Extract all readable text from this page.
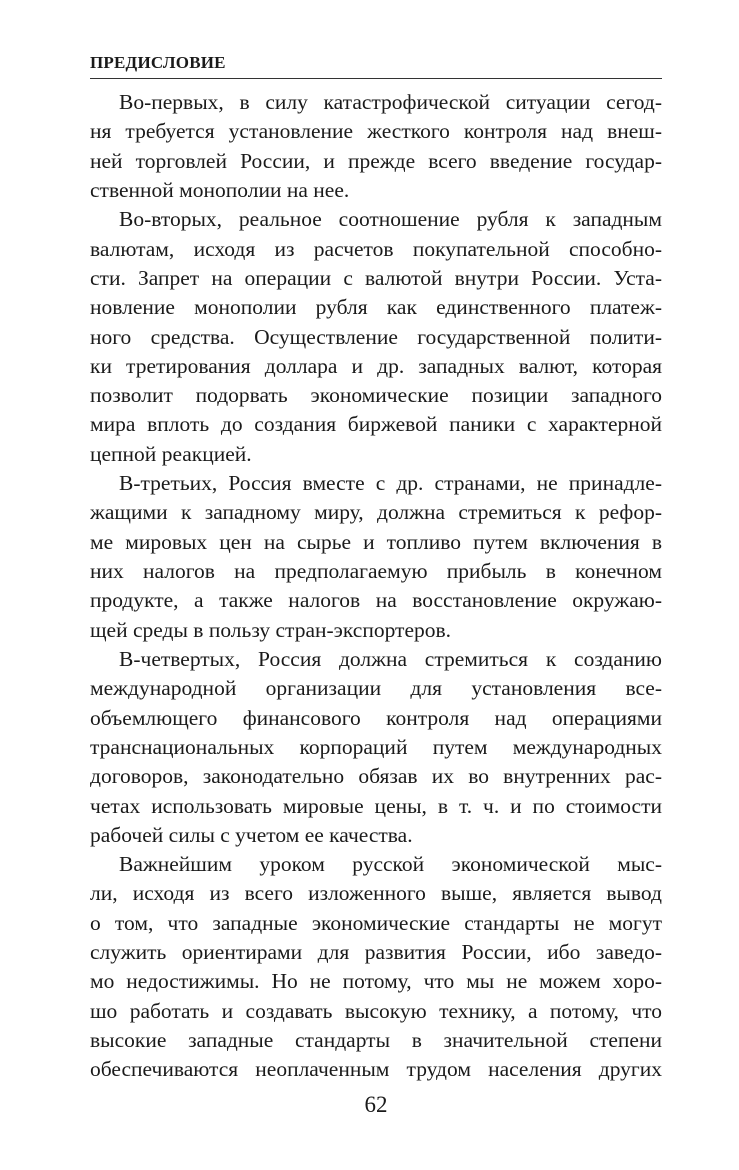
ПРЕДИСЛОВИЕ
Во-первых, в силу катастрофической ситуации сегод-
ня требуется установление жесткого контроля над внеш-
ней торговлей России, и прежде всего введение государ-
ственной монополии на нее.
Во-вторых, реальное соотношение рубля к западным
валютам, исходя из расчетов покупательной способно-
сти. Запрет на операции с валютой внутри России. Уста-
новление монополии рубля как единственного платеж-
ного средства. Осуществление государственной полити-
ки третирования доллара и др. западных валют, которая
позволит подорвать экономические позиции западного
мира вплоть до создания биржевой паники с характерной
цепной реакцией.
В-третьих, Россия вместе с др. странами, не принадле-
жащими к западному миру, должна стремиться к рефор-
ме мировых цен на сырье и топливо путем включения в
них налогов на предполагаемую прибыль в конечном
продукте, а также налогов на восстановление окружаю-
щей среды в пользу стран-экспортеров.
В-четвертых, Россия должна стремиться к созданию
международной организации для установления все-
объемлющего финансового контроля над операциями
транснациональных корпораций путем международных
договоров, законодательно обязав их во внутренних рас-
четах использовать мировые цены, в т. ч. и по стоимости
рабочей силы с учетом ее качества.
Важнейшим уроком русской экономической мыс-
ли, исходя из всего изложенного выше, является вывод
о том, что западные экономические стандарты не могут
служить ориентирами для развития России, ибо заведо-
мо недостижимы. Но не потому, что мы не можем хоро-
шо работать и создавать высокую технику, а потому, что
высокие западные стандарты в значительной степени
обеспечиваются неоплаченным трудом населения других
62
